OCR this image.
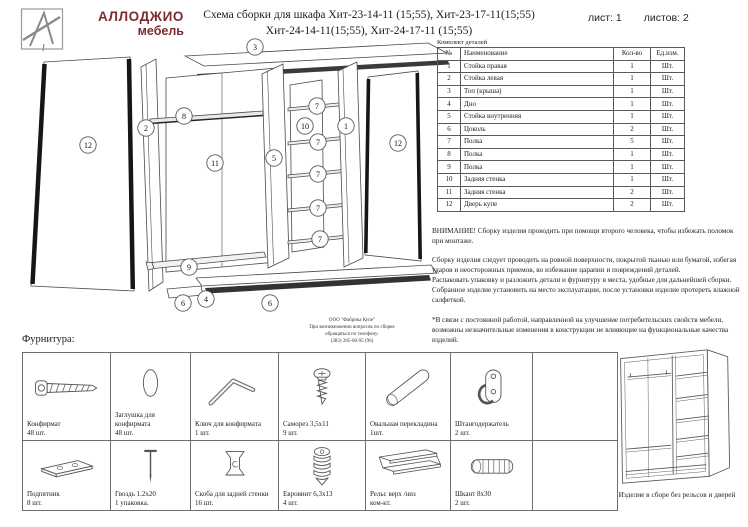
АЛЛОДЖИО
мебель
Схема сборки для шкафа Хит-23-14-11 (15;55), Хит-23-17-11(15;55)
Хит-24-14-11(15;55), Хит-24-17-11 (15;55)
лист: 1 листов: 2
3
12
2
8
11
9
6 4	6
5
10
7
7
7
7
7
1
12
ООО "Фабрика Купе"
При возникновении вопросов по сборке
обращаться по телефону:
(383) 285-00-95 (96)
Комплект деталей
№	Наименование	Кол-во	Ед.изм.
1	Стойка правая	1	Шт.
2	Стойка левая	1	Шт.
3	Топ (крыша)	1	Шт.
4	Дно	1	Шт.
5	Стойка внутренняя	1	Шт.
6	Цоколь	2	Шт.
7	Полка	5	Шт.
8	Полка	1	Шт.
9	Полка	1	Шт.
10	Задняя стенка	1	Шт.
11	Задняя стенка	2	Шт.
12	Дверь купе	2	Шт.

ВНИМАНИЕ! Сборку изделия проводить при помощи второго человека, чтобы избежать поломок при монтаже.

Сборку изделия следует проводить на ровной поверхности, покрытой тканью или бумагой, избегая ударов и неосторожных приемов, во избежание царапин и повреждений деталей.

Распаковать упаковку и разложить детали и фурнитуру в места, удобные для дальнейшей сборки.

Собранное изделие установить на место эксплуатации, после установки изделие протереть влажной салфеткой.

*В связи с постоянной работой, направленной на улучшение потребительских свойств мебели, возможны незначительные изменения в конструкции не влияющие на функциональные качества изделий.

Фурнитура:
Конфирмат
48 шт.
Заглушка для конфирмата
48 шт.
Ключ для конфирмата
1 шт.
Саморез 3,5х11
9 шт.
Овальная перекладина
1шт.
Штангодержатель
2 шт.
Подпятник
8 шт.
Гвоздь 1.2х20
1 упаковка.
Скоба для задней стенки
16 шт.
Евровинт 6,3х13
4 шт.
Рельс верх /низ
ком-кт.
Шкант 8х30
2 шт.
Изделие в сборе без рельсов и дверей
